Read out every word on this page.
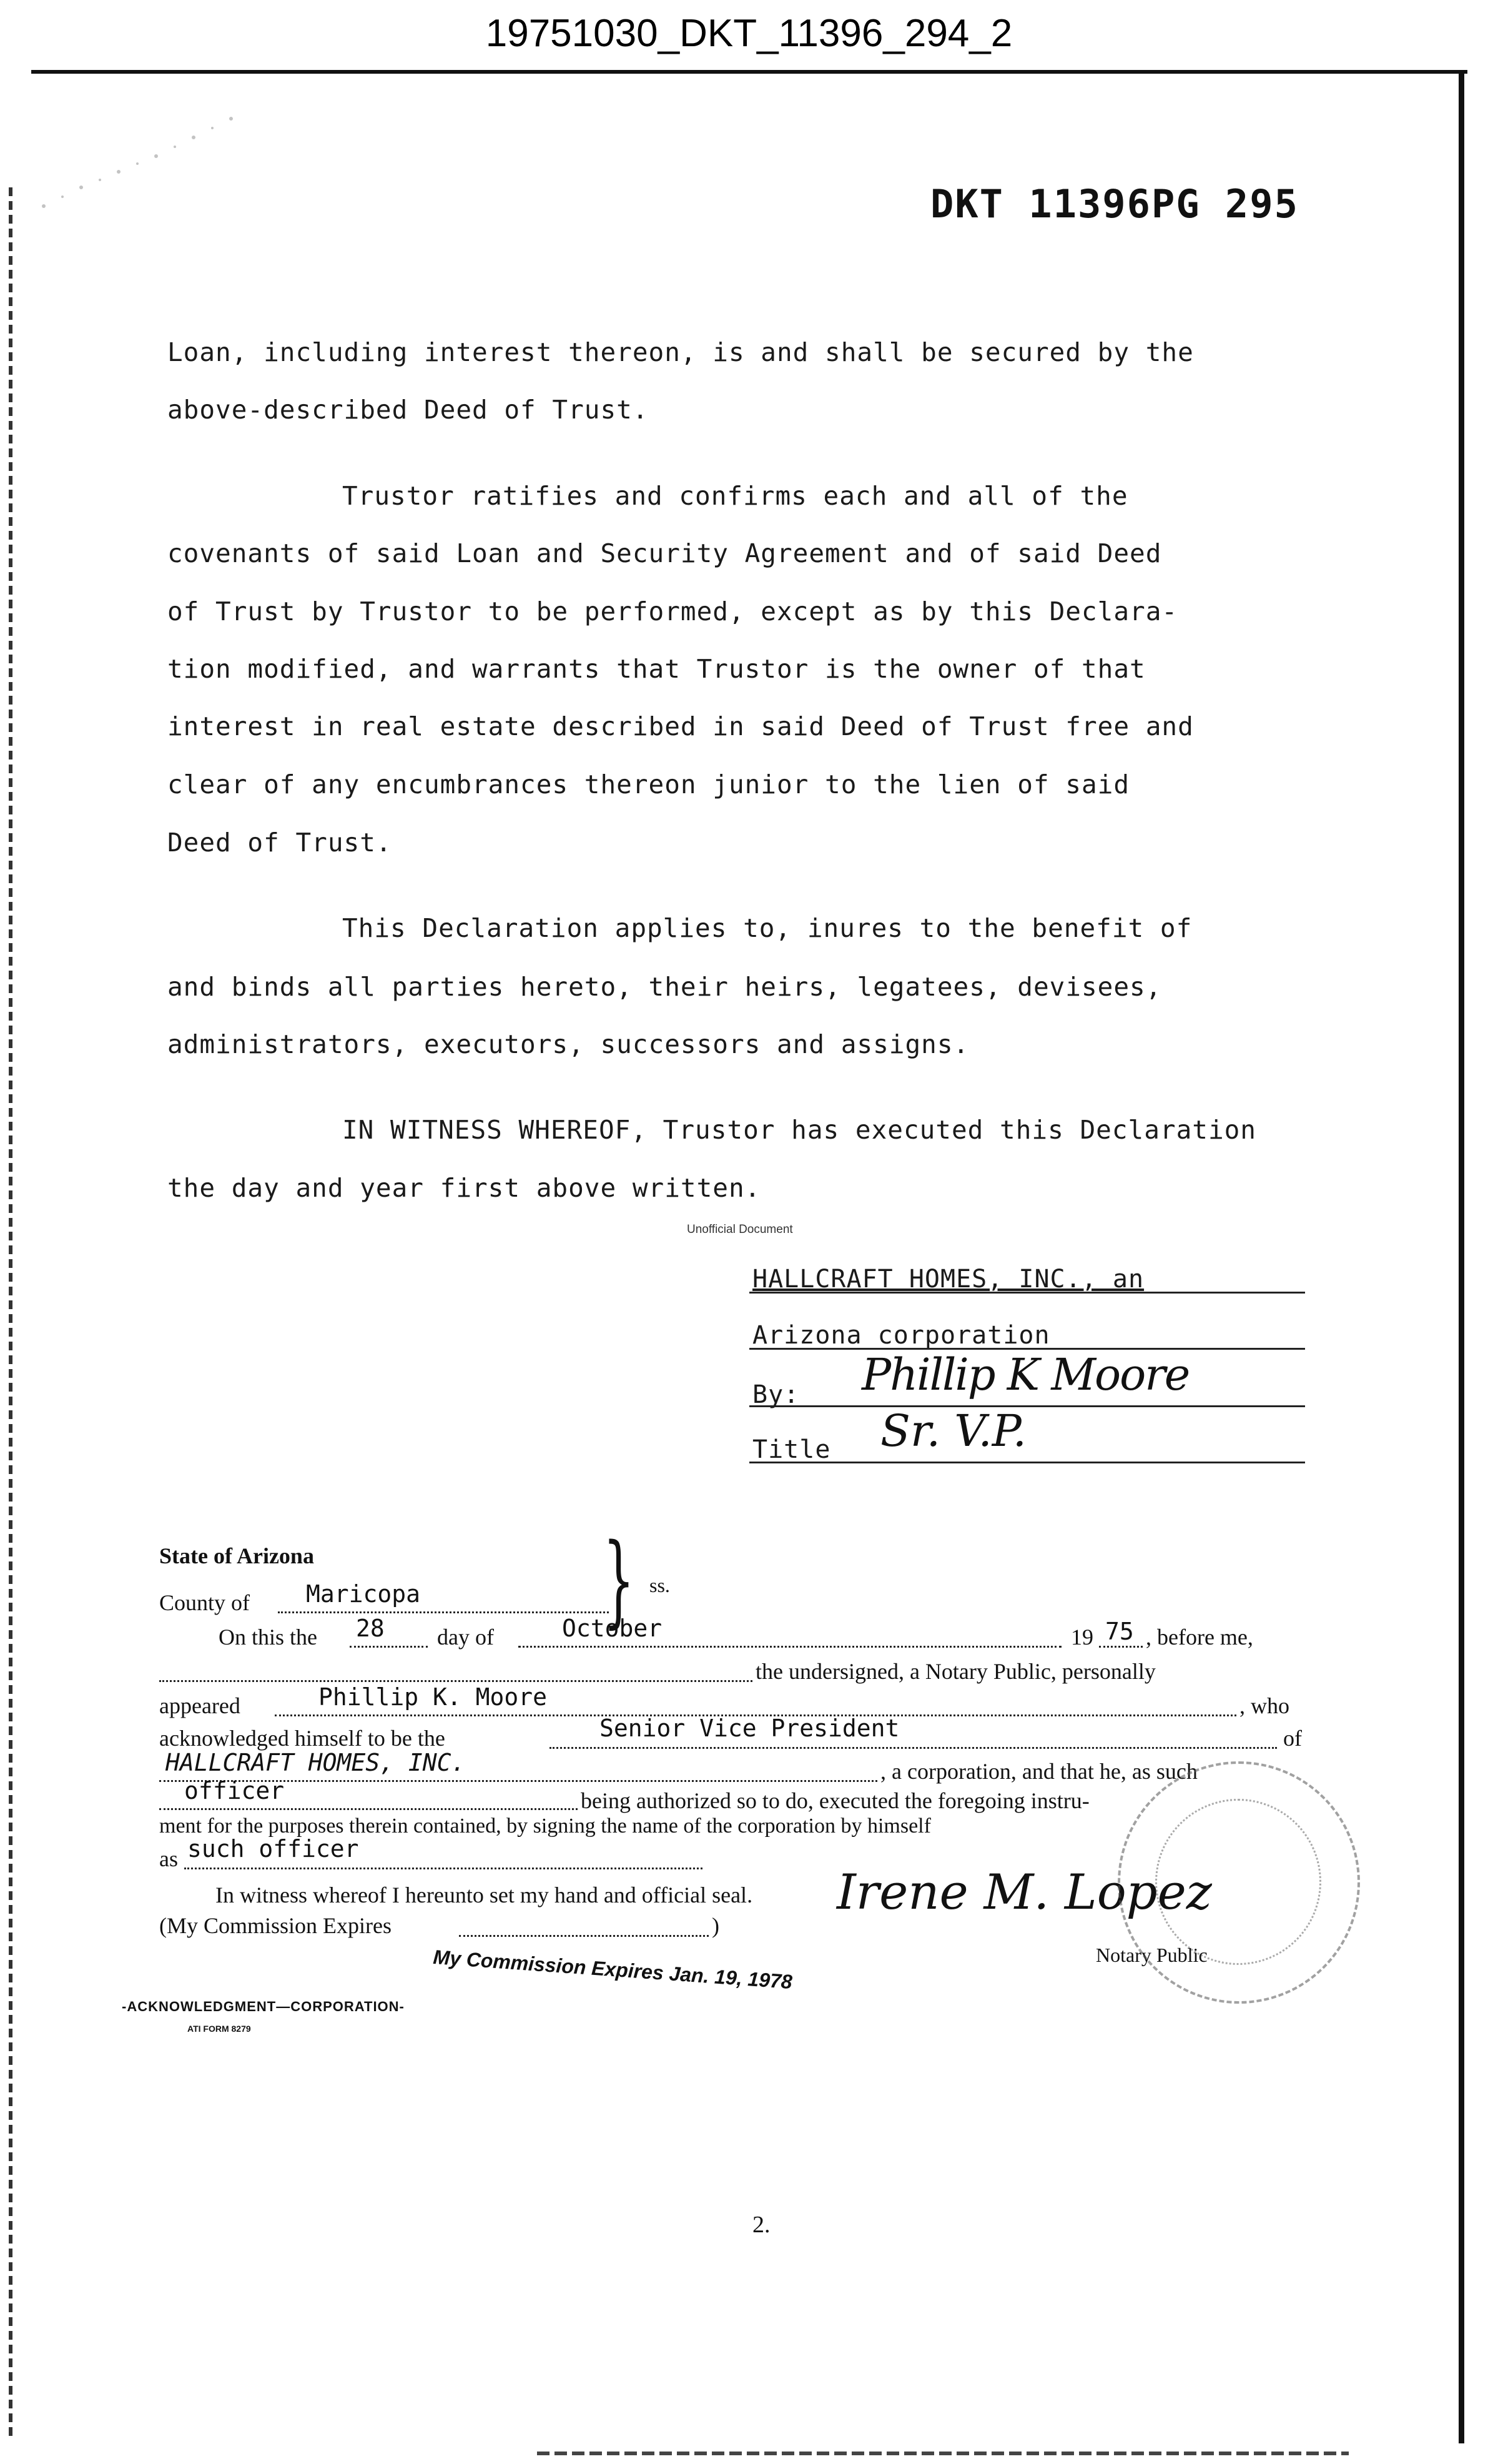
19751030_DKT_11396_294_2
DKT 11396PG 295
Loan, including interest thereon, is and shall be secured by the
above-described Deed of Trust.
Trustor ratifies and confirms each and all of the
covenants of said Loan and Security Agreement and of said Deed
of Trust by Trustor to be performed, except as by this Declara-
tion modified, and warrants that Trustor is the owner of that
interest in real estate described in said Deed of Trust free and
clear of any encumbrances thereon junior to the lien of said
Deed of Trust.
This Declaration applies to, inures to the benefit of
and binds all parties hereto, their heirs, legatees, devisees,
administrators, executors, successors and assigns.
IN WITNESS WHEREOF, Trustor has executed this Declaration
the day and year first above written.
Unofficial Document
HALLCRAFT HOMES, INC., an
Arizona corporation
By: Phillip K Moore
Title Sr. V.P.
State of Arizona
County of Maricopa } ss.
On this the 28 day of	October	19 75 , before me,
the undersigned, a Notary Public, personally
appeared	Phillip K. Moore	, who
acknowledged himself to be the	Senior Vice President	of
HALLCRAFT HOMES, INC.	, a corporation, and that he, as such
officer	being authorized so to do, executed the foregoing instru-
ment for the purposes therein contained, by signing the name of the corporation by himself
as such officer
In witness whereof I hereunto set my hand and official seal.
(My Commission Expires	)
Irene M. Lopez
Notary Public
My Commission Expires Jan. 19, 1978
-ACKNOWLEDGMENT—CORPORATION-
ATI FORM 8279
2.
